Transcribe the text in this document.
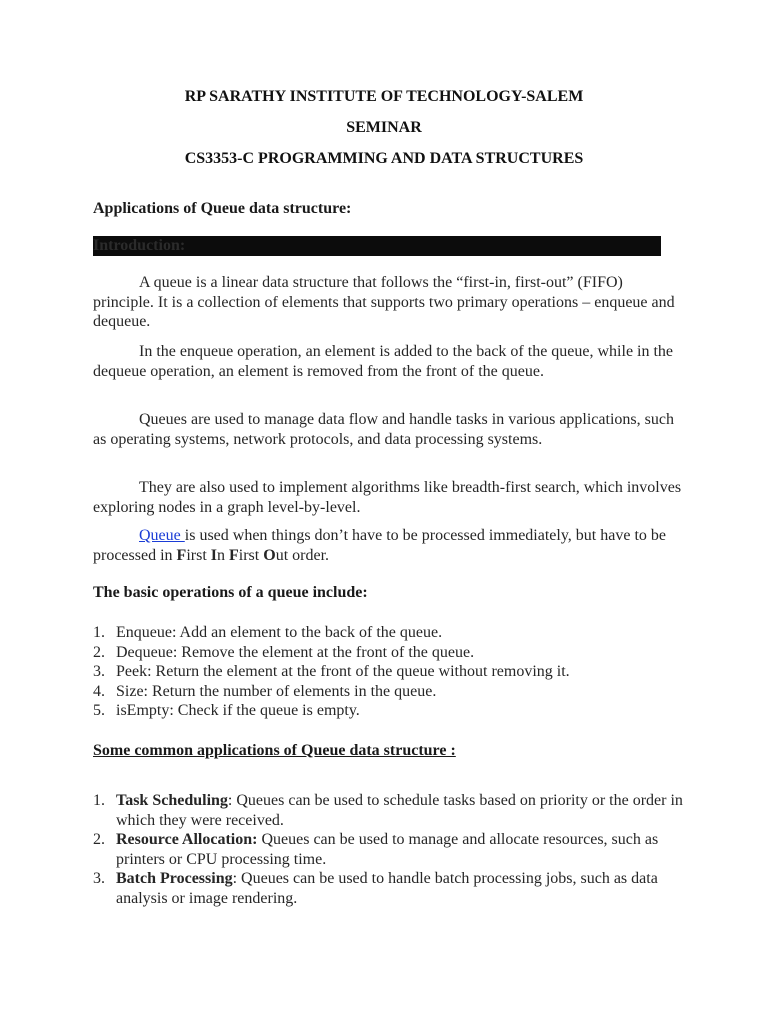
RP SARATHY INSTITUTE OF TECHNOLOGY-SALEM
SEMINAR
CS3353-C PROGRAMMING AND DATA STRUCTURES
Applications of Queue data structure:
Introduction:
A queue is a linear data structure that follows the “first-in, first-out” (FIFO) principle. It is a collection of elements that supports two primary operations – enqueue and dequeue.
In the enqueue operation, an element is added to the back of the queue, while in the dequeue operation, an element is removed from the front of the queue.
Queues are used to manage data flow and handle tasks in various applications, such as operating systems, network protocols, and data processing systems.
They are also used to implement algorithms like breadth-first search, which involves exploring nodes in a graph level-by-level.
Queue is used when things don’t have to be processed immediately, but have to be processed in First In First Out order.
The basic operations of a queue include:
1. Enqueue: Add an element to the back of the queue.
2. Dequeue: Remove the element at the front of the queue.
3. Peek: Return the element at the front of the queue without removing it.
4. Size: Return the number of elements in the queue.
5. isEmpty: Check if the queue is empty.
Some common applications of Queue data structure :
1. Task Scheduling: Queues can be used to schedule tasks based on priority or the order in which they were received.
2. Resource Allocation: Queues can be used to manage and allocate resources, such as printers or CPU processing time.
3. Batch Processing: Queues can be used to handle batch processing jobs, such as data analysis or image rendering.
